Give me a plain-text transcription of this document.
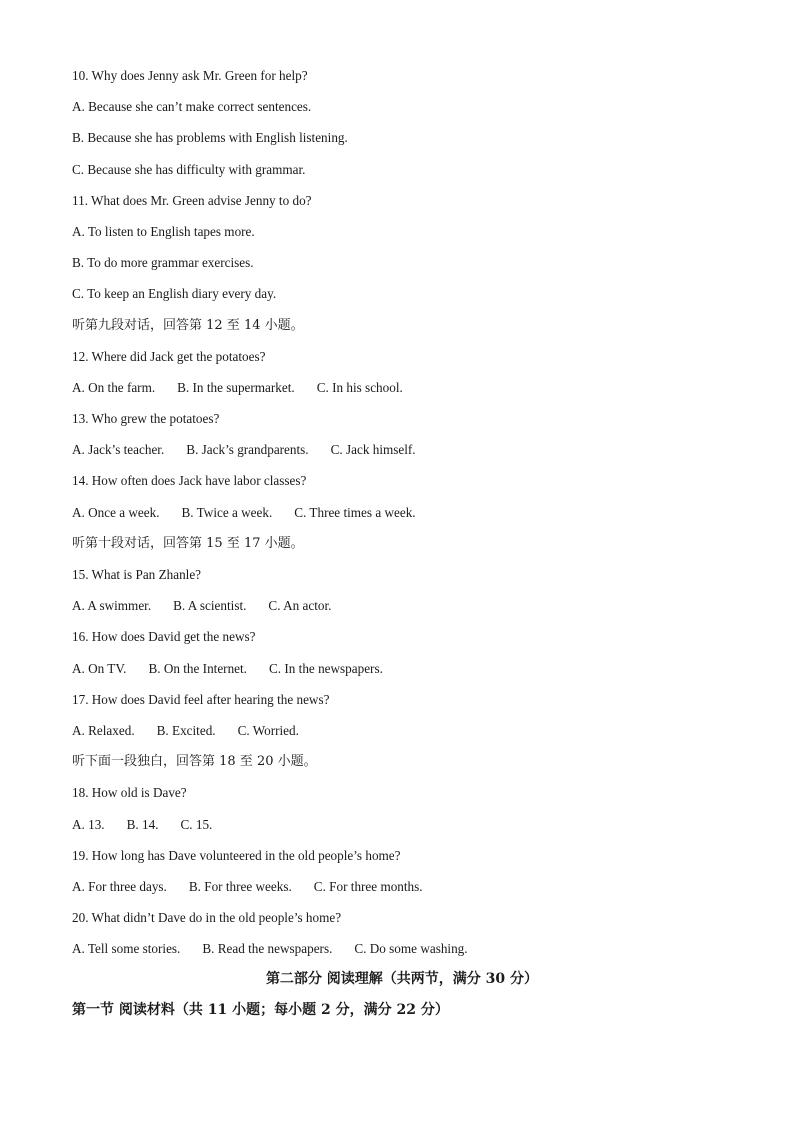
10. Why does Jenny ask Mr. Green for help?
A. Because she can’t make correct sentences.
B. Because she has problems with English listening.
C. Because she has difficulty with grammar.
11. What does Mr. Green advise Jenny to do?
A. To listen to English tapes more.
B. To do more grammar exercises.
C. To keep an English diary every day.
听第九段对话，回答第 12 至 14 小题。
12. Where did Jack get the potatoes?
A. On the farm. B. In the supermarket. C. In his school.
13. Who grew the potatoes?
A. Jack’s teacher. B. Jack’s grandparents. C. Jack himself.
14. How often does Jack have labor classes?
A. Once a week. B. Twice a week. C. Three times a week.
听第十段对话，回答第 15 至 17 小题。
15. What is Pan Zhanle?
A. A swimmer. B. A scientist. C. An actor.
16. How does David get the news?
A. On TV. B. On the Internet. C. In the newspapers.
17. How does David feel after hearing the news?
A. Relaxed. B. Excited. C. Worried.
听下面一段独白，回答第 18 至 20 小题。
18. How old is Dave?
A. 13. B. 14. C. 15.
19. How long has Dave volunteered in the old people’s home?
A. For three days. B. For three weeks. C. For three months.
20. What didn’t Dave do in the old people’s home?
A. Tell some stories. B. Read the newspapers. C. Do some washing.
第二部分 阅读理解（共两节，满分 30 分）
第一节 阅读材料（共 11 小题；每小题 2 分，满分 22 分）
